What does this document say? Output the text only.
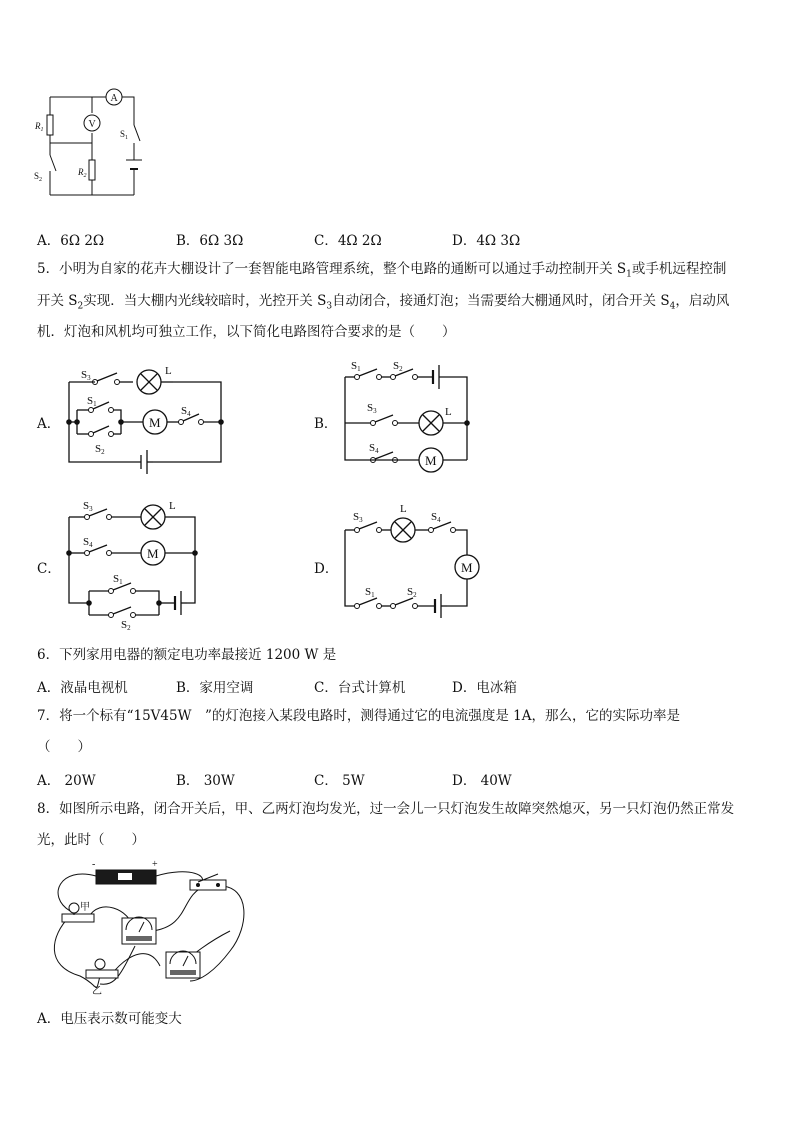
A
V
$R_1$
$R_2$
$S_1$
$S_2$
A．6Ω 2Ω	B．6Ω 3Ω	C．4Ω 2Ω	D．4Ω 3Ω
5．小明为自家的花卉大棚设计了一套智能电路管理系统，整个电路的通断可以通过手动控制开关 $S_1$或手机远程控制
开关 $S_2$实现．当大棚内光线较暗时，光控开关 $S_3$自动闭合，接通灯泡；当需要给大棚通风时，闭合开关 $S_4$，启动风
机．灯泡和风机均可独立工作，以下简化电路图符合要求的是（　　）
A．	M
S3
L
S1
S2
S4
B．
M
S1	S2
S3	L
S4
C．
M
S3	L
S4
S1
S2
D．	M
S3
L
S4
S1	S2
6．下列家用电器的额定电功率最接近 1200 W 是
A．液晶电视机	B．家用空调	C．台式计算机	D．电冰箱
7．将一个标有“15V45W　”的灯泡接入某段电路时，测得通过它的电流强度是 1A，那么，它的实际功率是
（　　）
A． 20W	B． 30W	C． 5W	D． 40W
8．如图所示电路，闭合开关后，甲、乙两灯泡均发光，过一会儿一只灯泡发生故障突然熄灭，另一只灯泡仍然正常发
光，此时（　　）
-	+
甲
乙
A．电压表示数可能变大
